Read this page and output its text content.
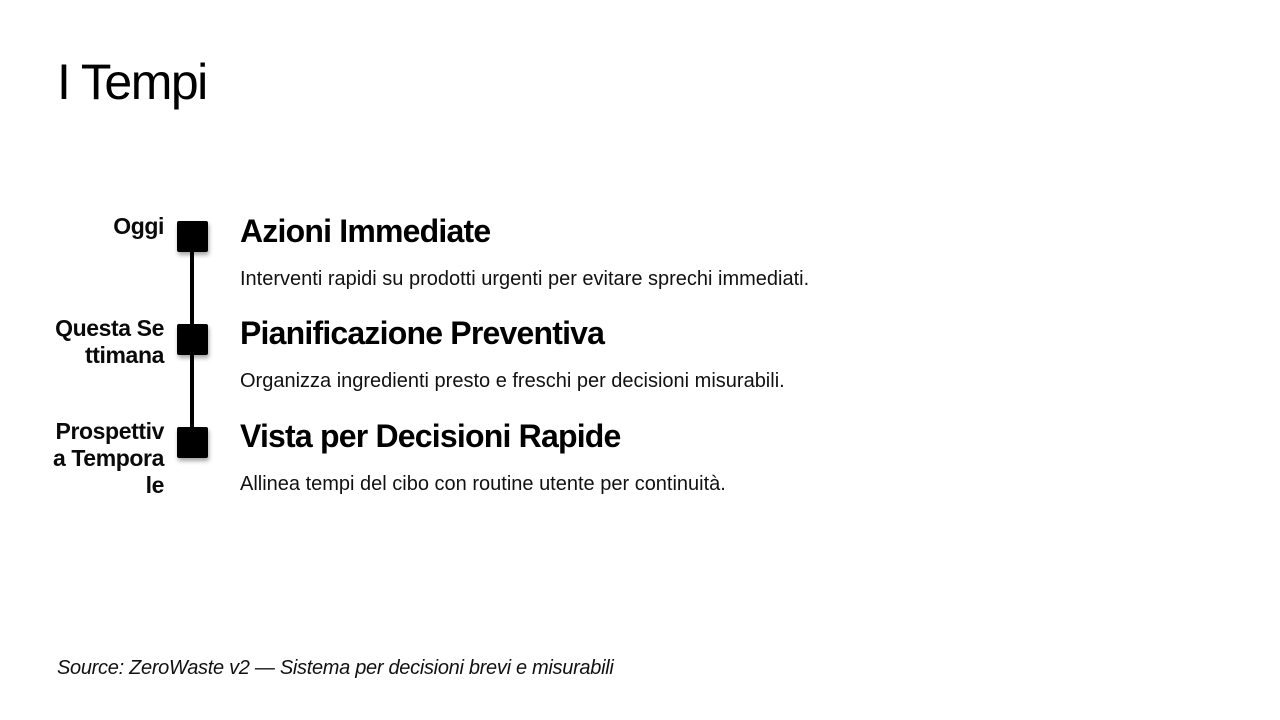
I Tempi
Oggi Azioni Immediate

Interventi rapidi su prodotti urgenti per evitare sprechi immediati.

Questa Settimana
Pianificazione Preventiva

Organizza ingredienti presto e freschi per decisioni misurabili.

Prospettiva Temporale
Vista per Decisioni Rapide

Allinea tempi del cibo con routine utente per continuità.

Source: ZeroWaste v2 — Sistema per decisioni brevi e misurabili
